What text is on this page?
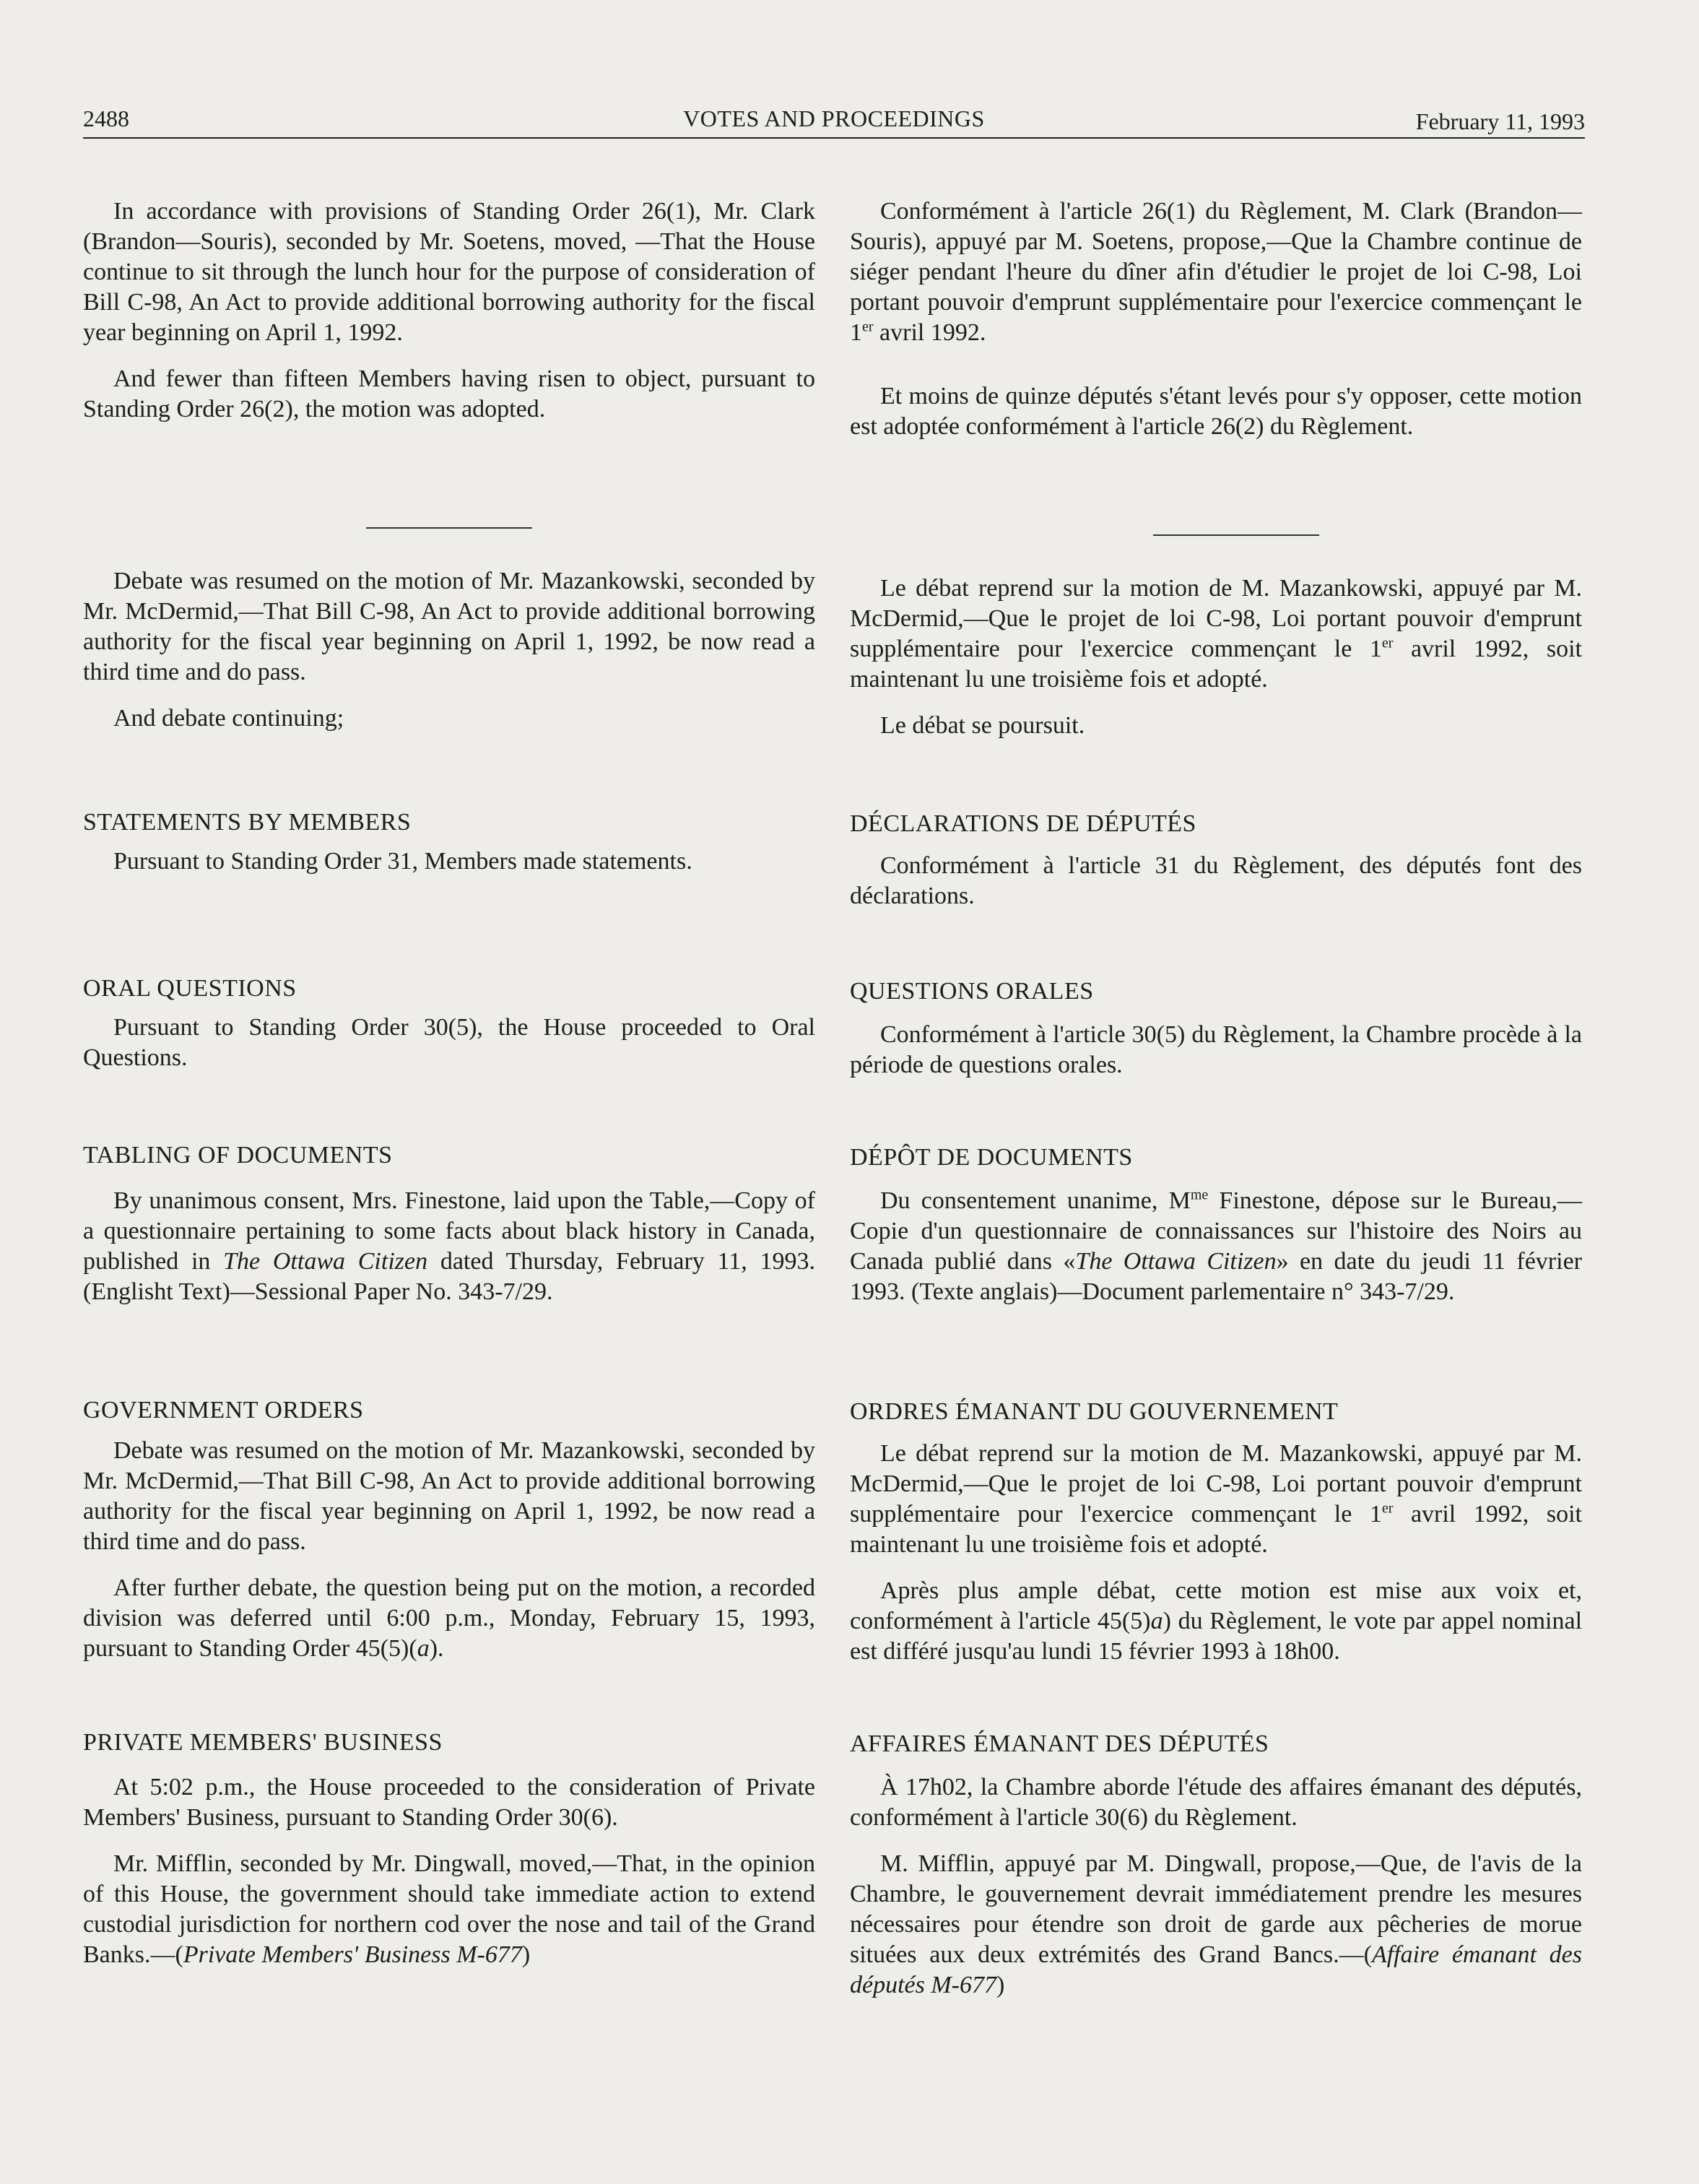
2488	VOTES AND PROCEEDINGS	February 11, 1993

In accordance with provisions of Standing Order 26(1), Mr. Clark (Brandon—Souris), seconded by Mr. Soetens, moved, —That the House continue to sit through the lunch hour for the purpose of consideration of Bill C-98, An Act to provide additional borrowing authority for the fiscal year beginning on April 1, 1992.

And fewer than fifteen Members having risen to object, pursuant to Standing Order 26(2), the motion was adopted.

Debate was resumed on the motion of Mr. Mazankowski, seconded by Mr. McDermid,—That Bill C-98, An Act to provide additional borrowing authority for the fiscal year beginning on April 1, 1992, be now read a third time and do pass.

And debate continuing;

STATEMENTS BY MEMBERS

Pursuant to Standing Order 31, Members made statements.

ORAL QUESTIONS

Pursuant to Standing Order 30(5), the House proceeded to Oral Questions.

TABLING OF DOCUMENTS

By unanimous consent, Mrs. Finestone, laid upon the Table,—Copy of a questionnaire pertaining to some facts about black history in Canada, published in The Ottawa Citizen dated Thursday, February 11, 1993. (Englisht Text)—Sessional Paper No. 343-7/29.

GOVERNMENT ORDERS

Debate was resumed on the motion of Mr. Mazankowski, seconded by Mr. McDermid,—That Bill C-98, An Act to provide additional borrowing authority for the fiscal year beginning on April 1, 1992, be now read a third time and do pass.

After further debate, the question being put on the motion, a recorded division was deferred until 6:00 p.m., Monday, February 15, 1993, pursuant to Standing Order 45(5)(a).

PRIVATE MEMBERS' BUSINESS

At 5:02 p.m., the House proceeded to the consideration of Private Members' Business, pursuant to Standing Order 30(6).

Mr. Mifflin, seconded by Mr. Dingwall, moved,—That, in the opinion of this House, the government should take immediate action to extend custodial jurisdiction for northern cod over the nose and tail of the Grand Banks.—(Private Members' Business M-677)

Conformément à l'article 26(1) du Règlement, M. Clark (Brandon—Souris), appuyé par M. Soetens, propose,—Que la Chambre continue de siéger pendant l'heure du dîner afin d'étudier le projet de loi C-98, Loi portant pouvoir d'emprunt supplémentaire pour l'exercice commençant le 1er avril 1992.

Et moins de quinze députés s'étant levés pour s'y opposer, cette motion est adoptée conformément à l'article 26(2) du Règlement.

Le débat reprend sur la motion de M. Mazankowski, appuyé par M. McDermid,—Que le projet de loi C-98, Loi portant pouvoir d'emprunt supplémentaire pour l'exercice commençant le 1er avril 1992, soit maintenant lu une troisième fois et adopté.

Le débat se poursuit.

DÉCLARATIONS DE DÉPUTÉS

Conformément à l'article 31 du Règlement, des députés font des déclarations.

QUESTIONS ORALES

Conformément à l'article 30(5) du Règlement, la Chambre procède à la période de questions orales.

DÉPÔT DE DOCUMENTS

Du consentement unanime, $M^{me}$ Finestone, dépose sur le Bureau,—Copie d'un questionnaire de connaissances sur l'histoire des Noirs au Canada publié dans «The Ottawa Citizen» en date du jeudi 11 février 1993. (Texte anglais)—Document parlementaire n° 343-7/29.

ORDRES ÉMANANT DU GOUVERNEMENT

Le débat reprend sur la motion de M. Mazankowski, appuyé par M. McDermid,—Que le projet de loi C-98, Loi portant pouvoir d'emprunt supplémentaire pour l'exercice commençant le 1er avril 1992, soit maintenant lu une troisième fois et adopté.

Après plus ample débat, cette motion est mise aux voix et, conformément à l'article 45(5)a) du Règlement, le vote par appel nominal est différé jusqu'au lundi 15 février 1993 à 18h00.

AFFAIRES ÉMANANT DES DÉPUTÉS

À 17h02, la Chambre aborde l'étude des affaires émanant des députés, conformément à l'article 30(6) du Règlement.

M. Mifflin, appuyé par M. Dingwall, propose,—Que, de l'avis de la Chambre, le gouvernement devrait immédiatement prendre les mesures nécessaires pour étendre son droit de garde aux pêcheries de morue situées aux deux extrémités des Grand Bancs.—(Affaire émanant des députés M-677)
